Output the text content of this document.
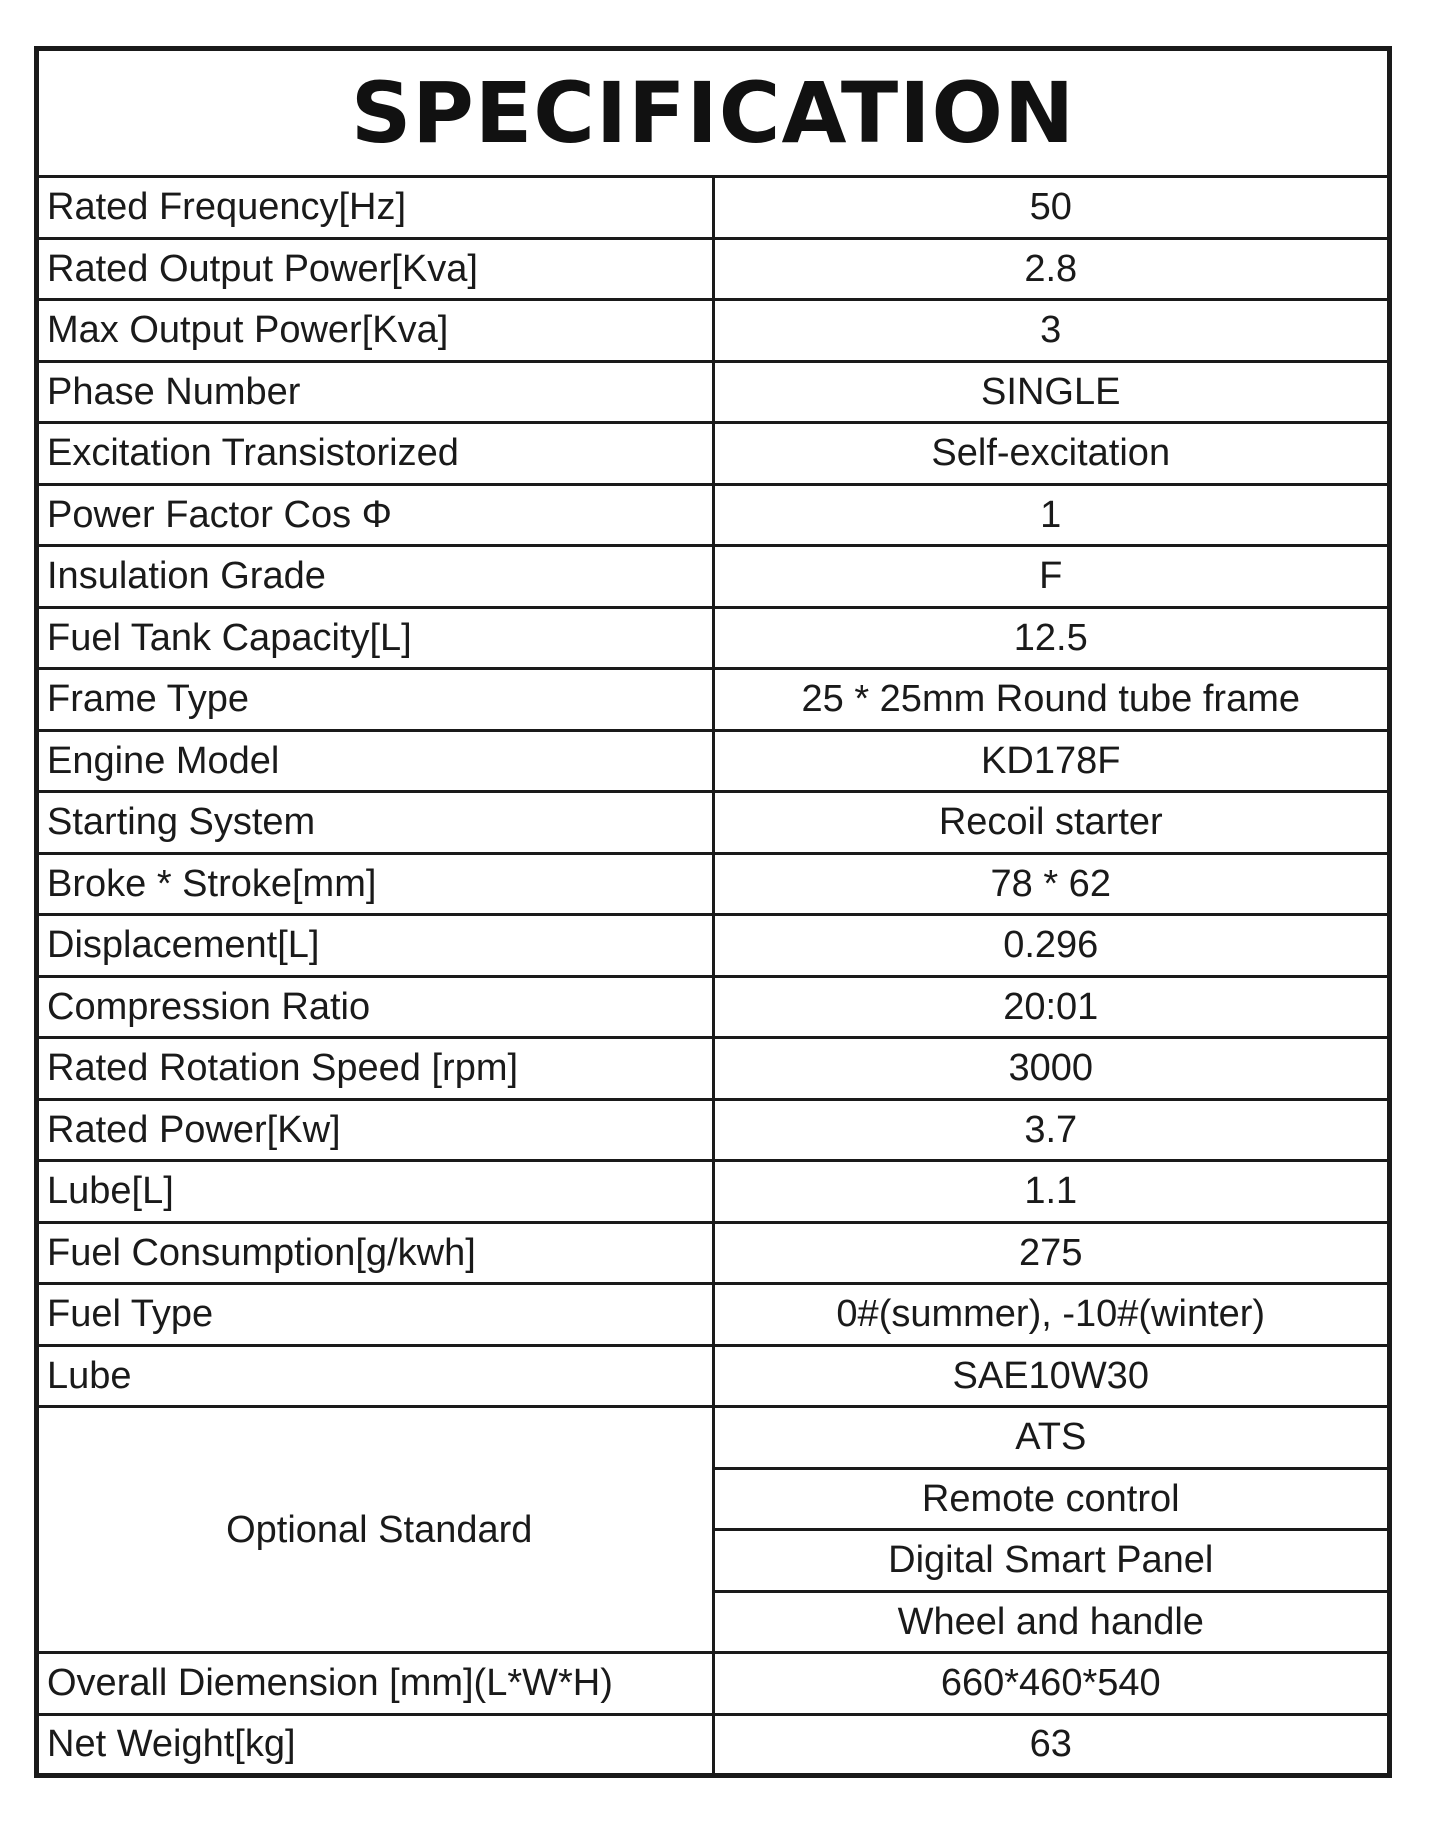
SPECIFICATION	
Rated Frequency[Hz]	50
Rated Output Power[Kva]	2.8
Max Output Power[Kva]	3
Phase Number	SINGLE
Excitation Transistorized	Self-excitation
Power Factor Cos Φ	1
Insulation Grade	F
Fuel Tank Capacity[L]	12.5
Frame Type	25 * 25mm Round tube frame
Engine Model	KD178F
Starting System	Recoil starter
Broke * Stroke[mm]	78 * 62
Displacement[L]	0.296
Compression Ratio	20:01
Rated Rotation Speed [rpm]	3000
Rated Power[Kw]	3.7
Lube[L]	1.1
Fuel Consumption[g/kwh]	275
Fuel Type	0#(summer), -10#(winter)
Lube	SAE10W30
Optional Standard	ATS
	Remote control
	Digital Smart Panel
	Wheel and handle
Overall Diemension [mm](L*W*H)	660*460*540
Net Weight[kg]	63
